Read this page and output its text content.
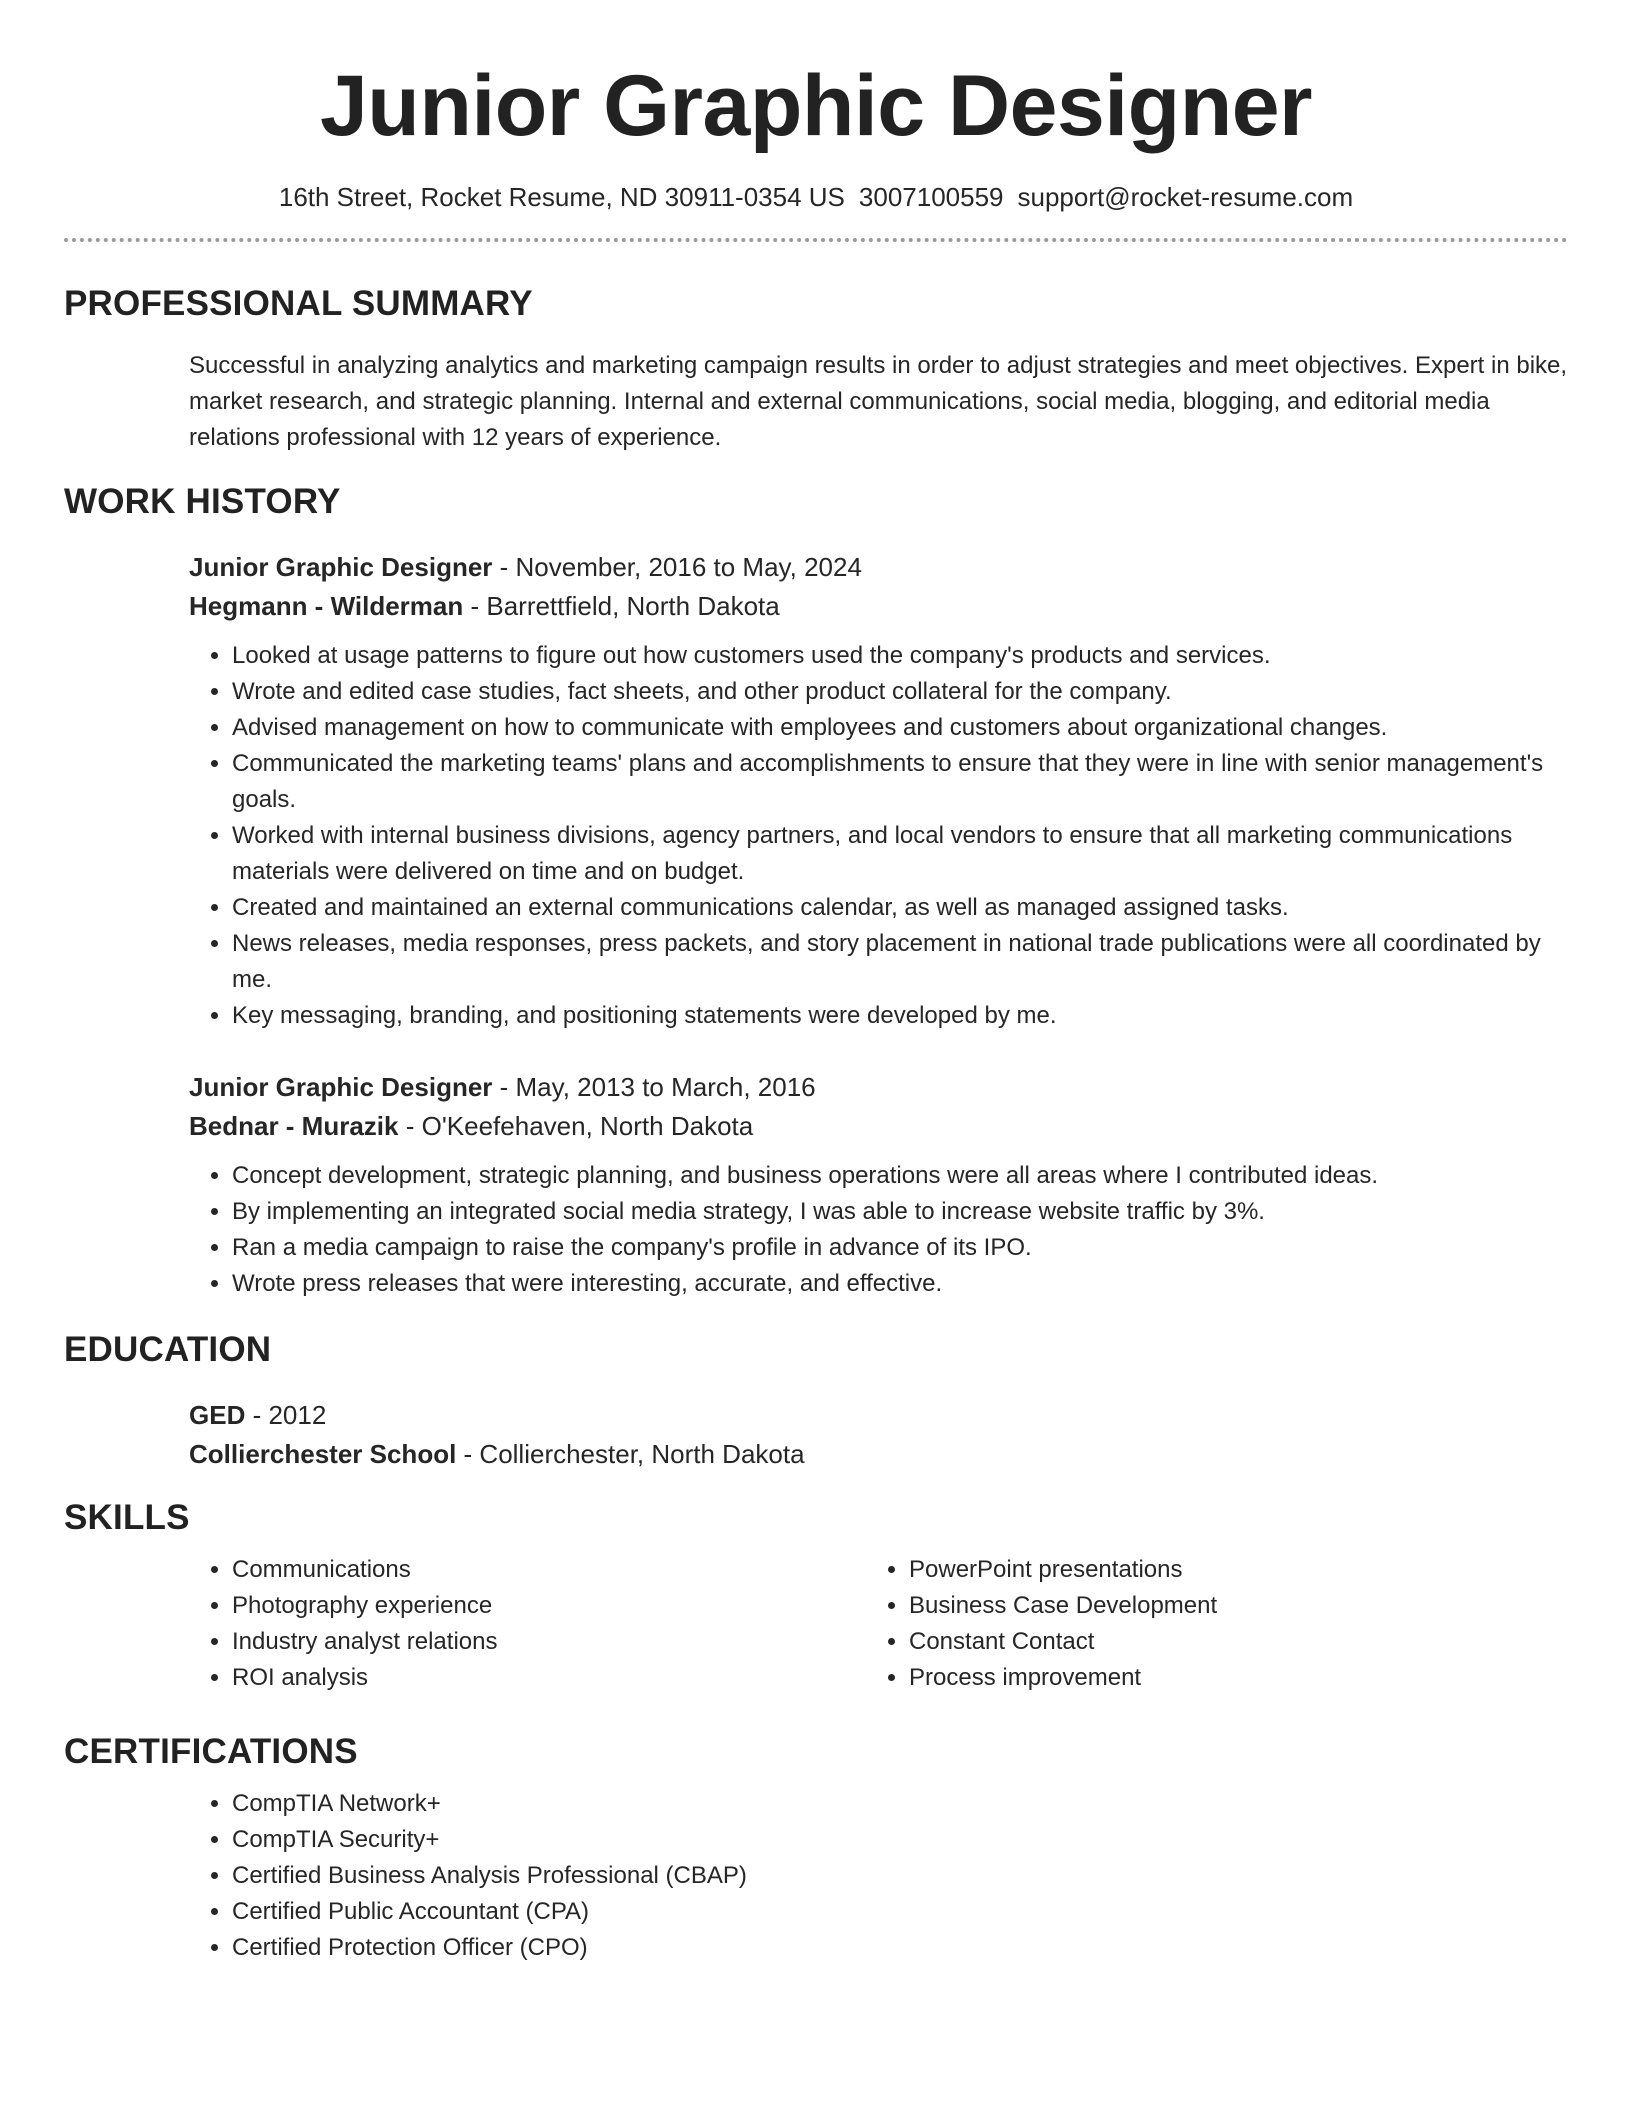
Junior Graphic Designer
16th Street, Rocket Resume, ND 30911-0354 US 3007100559 support@rocket-resume.com
PROFESSIONAL SUMMARY
Successful in analyzing analytics and marketing campaign results in order to adjust strategies and meet objectives. Expert in bike, market research, and strategic planning. Internal and external communications, social media, blogging, and editorial media relations professional with 12 years of experience.
WORK HISTORY
Junior Graphic Designer - November, 2016 to May, 2024
Hegmann - Wilderman - Barrettfield, North Dakota
• Looked at usage patterns to figure out how customers used the company's products and services.
• Wrote and edited case studies, fact sheets, and other product collateral for the company.
• Advised management on how to communicate with employees and customers about organizational changes.
• Communicated the marketing teams' plans and accomplishments to ensure that they were in line with senior management's goals.
• Worked with internal business divisions, agency partners, and local vendors to ensure that all marketing communications materials were delivered on time and on budget.
• Created and maintained an external communications calendar, as well as managed assigned tasks.
• News releases, media responses, press packets, and story placement in national trade publications were all coordinated by me.
• Key messaging, branding, and positioning statements were developed by me.
Junior Graphic Designer - May, 2013 to March, 2016
Bednar - Murazik - O'Keefehaven, North Dakota
• Concept development, strategic planning, and business operations were all areas where I contributed ideas.
• By implementing an integrated social media strategy, I was able to increase website traffic by 3%.
• Ran a media campaign to raise the company's profile in advance of its IPO.
• Wrote press releases that were interesting, accurate, and effective.
EDUCATION
GED - 2012
Collierchester School - Collierchester, North Dakota
SKILLS
• Communications
• Photography experience
• Industry analyst relations
• ROI analysis
• PowerPoint presentations
• Business Case Development
• Constant Contact
• Process improvement
CERTIFICATIONS
• CompTIA Network+
• CompTIA Security+
• Certified Business Analysis Professional (CBAP)
• Certified Public Accountant (CPA)
• Certified Protection Officer (CPO)
